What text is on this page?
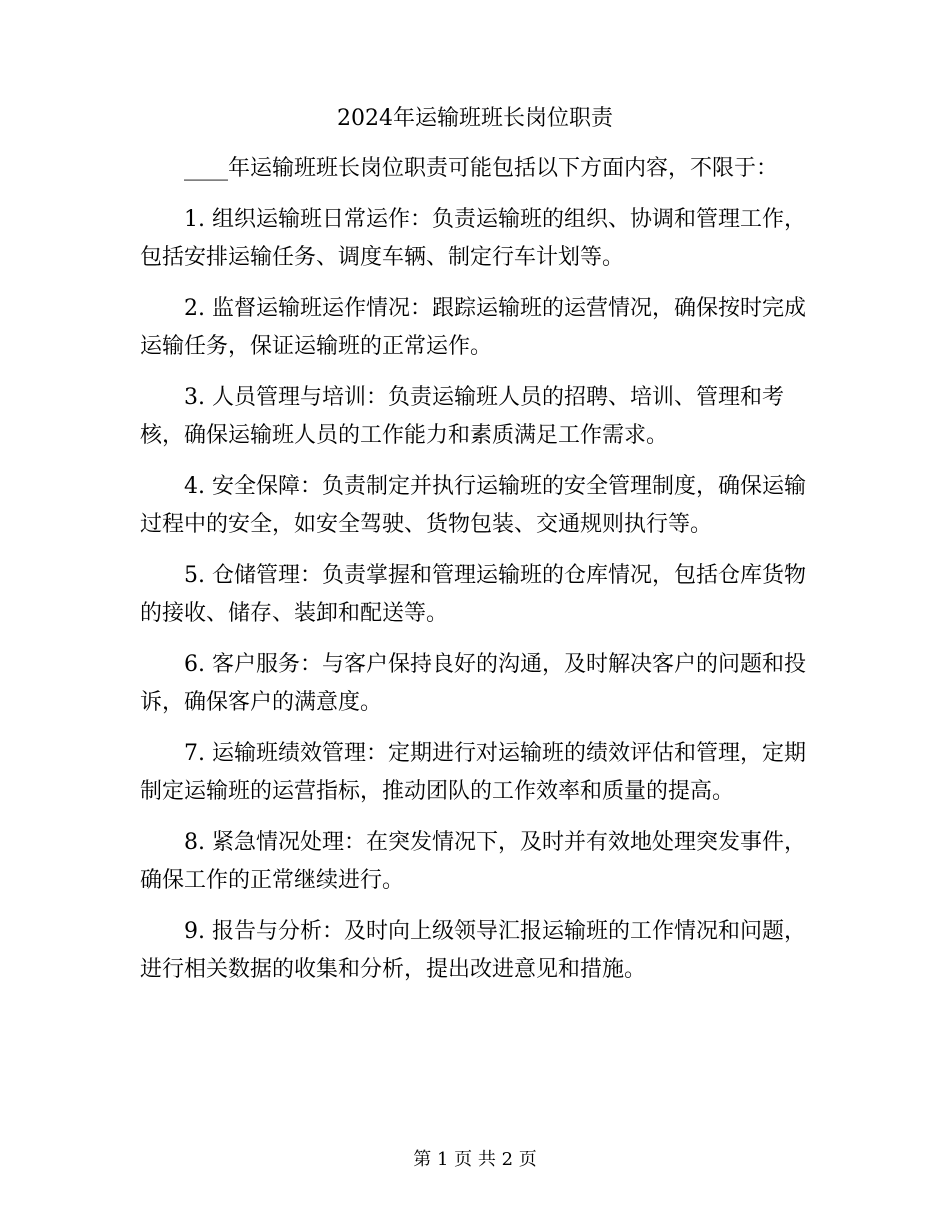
2024年运输班班长岗位职责

____年运输班班长岗位职责可能包括以下方面内容，不限于：

1. 组织运输班日常运作：负责运输班的组织、协调和管理工作，包括安排运输任务、调度车辆、制定行车计划等。

2. 监督运输班运作情况：跟踪运输班的运营情况，确保按时完成运输任务，保证运输班的正常运作。

3. 人员管理与培训：负责运输班人员的招聘、培训、管理和考核，确保运输班人员的工作能力和素质满足工作需求。

4. 安全保障：负责制定并执行运输班的安全管理制度，确保运输过程中的安全，如安全驾驶、货物包装、交通规则执行等。

5. 仓储管理：负责掌握和管理运输班的仓库情况，包括仓库货物的接收、储存、装卸和配送等。

6. 客户服务：与客户保持良好的沟通，及时解决客户的问题和投诉，确保客户的满意度。

7. 运输班绩效管理：定期进行对运输班的绩效评估和管理，定期制定运输班的运营指标，推动团队的工作效率和质量的提高。

8. 紧急情况处理：在突发情况下，及时并有效地处理突发事件，确保工作的正常继续进行。

9. 报告与分析：及时向上级领导汇报运输班的工作情况和问题，进行相关数据的收集和分析，提出改进意见和措施。

第 1 页 共 2 页
